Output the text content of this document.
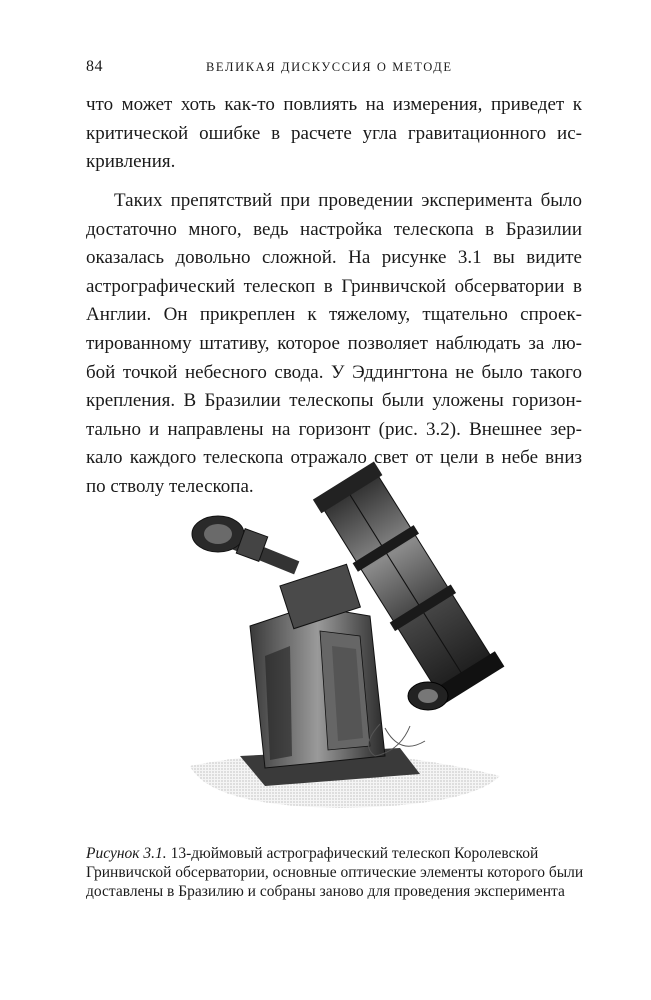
84	ВЕЛИКАЯ ДИСКУССИЯ О МЕТОДЕ

что может хоть как-то повлиять на измерения, приведет к критической ошибке в расчете угла гравитационного искривления.

Таких препятствий при проведении эксперимента было достаточно много, ведь настройка телескопа в Бразилии оказалась довольно сложной. На рисунке 3.1 вы видите астрографический телескоп в Гринвичской обсерватории в Англии. Он прикреплен к тяжелому, тщательно спроектированному штативу, которое позволяет наблюдать за любой точкой небесного свода. У Эддингтона не было такого крепления. В Бразилии телескопы были уложены горизонтально и направлены на горизонт (рис. 3.2). Внешнее зеркало каждого телескопа отражало свет от цели в небе вниз по стволу телескопа.

Рисунок 3.1. 13-дюймовый астрографический телескоп Королевской Гринвичской обсерватории, основные оптические элементы которого были доставлены в Бразилию и собраны заново для проведения эксперимента
